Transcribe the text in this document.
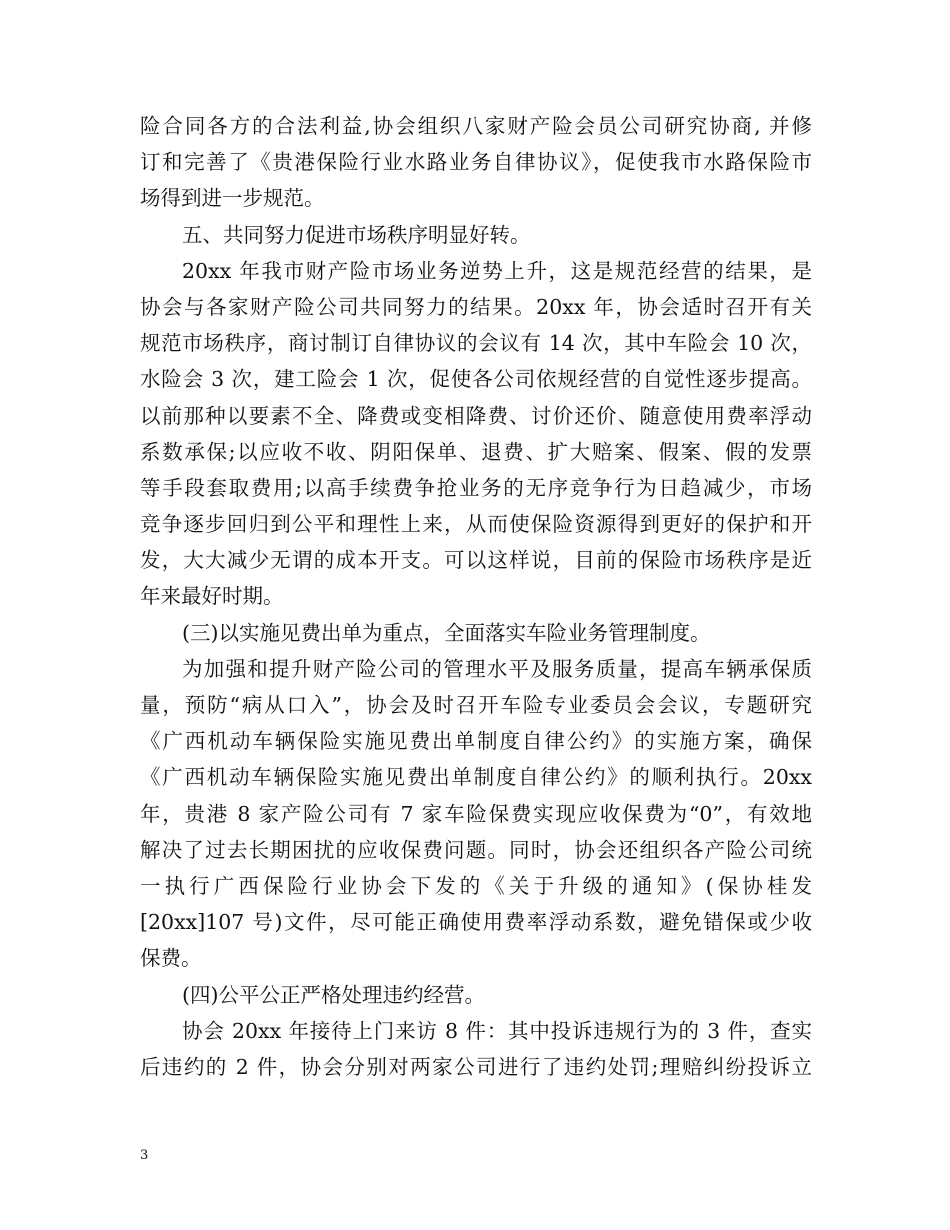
险合同各方的合法利益,协会组织八家财产险会员公司研究协商, 并修
订和完善了《贵港保险行业水路业务自律协议》，促使我市水路保险市
场得到进一步规范。
五、共同努力促进市场秩序明显好转。
20xx 年我市财产险市场业务逆势上升，这是规范经营的结果，是
协会与各家财产险公司共同努力的结果。20xx 年，协会适时召开有关
规范市场秩序，商讨制订自律协议的会议有 14 次，其中车险会 10 次，
水险会 3 次，建工险会 1 次，促使各公司依规经营的自觉性逐步提高。
以前那种以要素不全、降费或变相降费、讨价还价、随意使用费率浮动
系数承保;以应收不收、阴阳保单、退费、扩大赔案、假案、假的发票
等手段套取费用;以高手续费争抢业务的无序竞争行为日趋减少，市场
竞争逐步回归到公平和理性上来，从而使保险资源得到更好的保护和开
发，大大减少无谓的成本开支。可以这样说，目前的保险市场秩序是近
年来最好时期。
(三)以实施见费出单为重点，全面落实车险业务管理制度。
为加强和提升财产险公司的管理水平及服务质量，提高车辆承保质
量，预防“病从口入”，协会及时召开车险专业委员会会议，专题研究
《广西机动车辆保险实施见费出单制度自律公约》的实施方案，确保
《广西机动车辆保险实施见费出单制度自律公约》的顺利执行。20xx
年，贵港 8 家产险公司有 7 家车险保费实现应收保费为“0”，有效地
解决了过去长期困扰的应收保费问题。同时，协会还组织各产险公司统
一执行广西保险行业协会下发的《关于升级的通知》(保协桂发
[20xx]107 号)文件，尽可能正确使用费率浮动系数，避免错保或少收
保费。
(四)公平公正严格处理违约经营。
协会 20xx 年接待上门来访 8 件：其中投诉违规行为的 3 件，查实
后违约的 2 件，协会分别对两家公司进行了违约处罚;理赔纠纷投诉立
3
